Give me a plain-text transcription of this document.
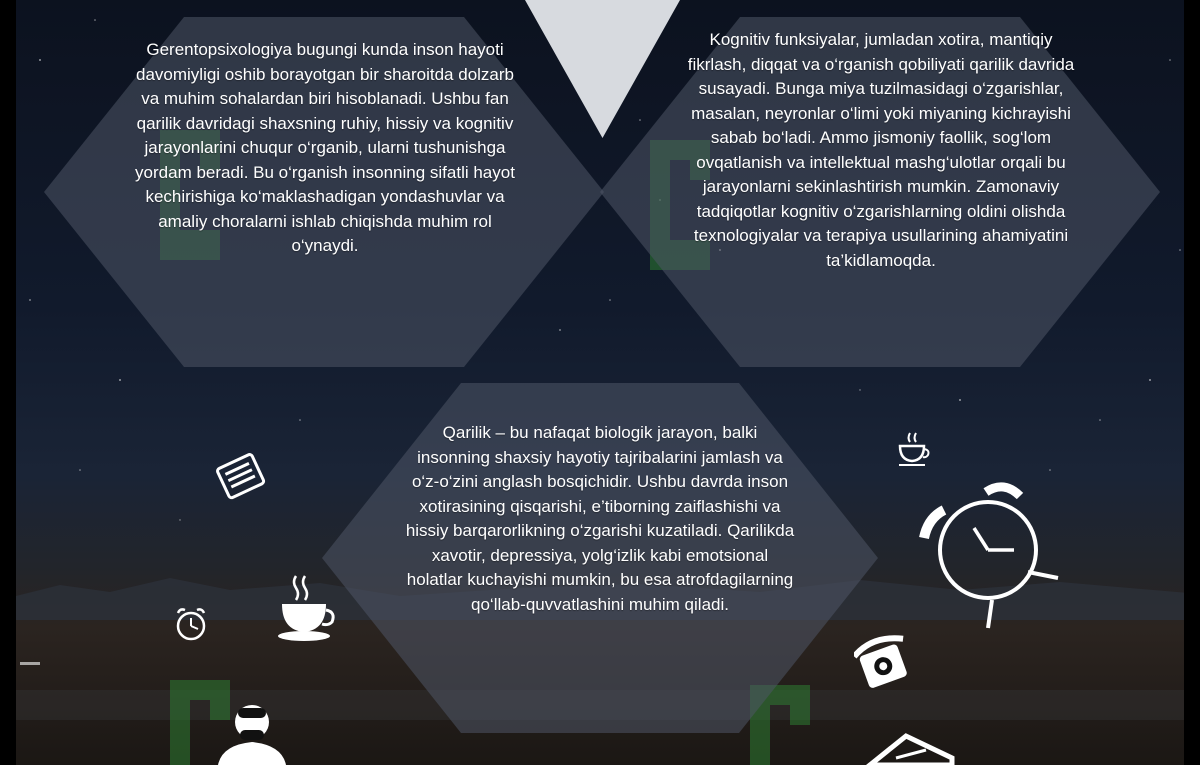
Gerentopsixologiya bugungi kunda inson hayoti davomiyligi oshib borayotgan bir sharoitda dolzarb va muhim sohalardan biri hisoblanadi. Ushbu fan qarilik davridagi shaxsning ruhiy, hissiy va kognitiv jarayonlarini chuqur o‘rganib, ularni tushunishga yordam beradi. Bu o‘rganish insonning sifatli hayot kechirishiga ko‘maklashadigan yondashuvlar va amaliy choralarni ishlab chiqishda muhim rol o‘ynaydi.
Kognitiv funksiyalar, jumladan xotira, mantiqiy fikrlash, diqqat va o‘rganish qobiliyati qarilik davrida susayadi. Bunga miya tuzilmasidagi o‘zgarishlar, masalan, neyronlar o‘limi yoki miyaning kichrayishi sabab bo‘ladi. Ammo jismoniy faollik, sog‘lom ovqatlanish va intellektual mashg‘ulotlar orqali bu jarayonlarni sekinlashtirish mumkin. Zamonaviy tadqiqotlar kognitiv o‘zgarishlarning oldini olishda texnologiyalar va terapiya usullarining ahamiyatini ta’kidlamoqda.
Qarilik – bu nafaqat biologik jarayon, balki insonning shaxsiy hayotiy tajribalarini jamlash va o‘z-o‘zini anglash bosqichidir. Ushbu davrda inson xotirasining qisqarishi, e’tiborning zaiflashishi va hissiy barqarorlikning o‘zgarishi kuzatiladi. Qarilikda xavotir, depressiya, yolg‘izlik kabi emotsional holatlar kuchayishi mumkin, bu esa atrofdagilarning qo‘llab-quvvatlashini muhim qiladi.
